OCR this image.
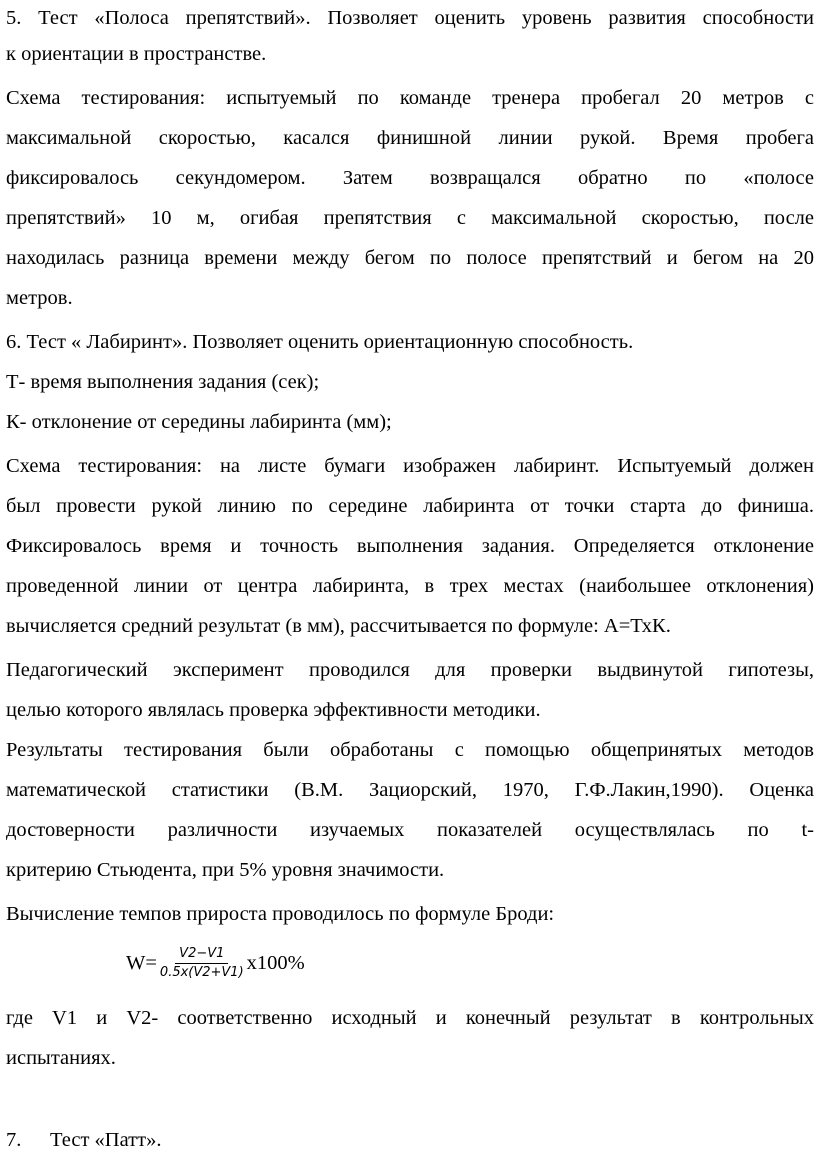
5. Тест «Полоса препятствий». Позволяет оценить уровень развития способности
к ориентации в пространстве.
Схема тестирования: испытуемый по команде тренера пробегал 20 метров с
максимальной скоростью, касался финишной линии рукой. Время пробега
фиксировалось секундомером. Затем возвращался обратно по «полосе
препятствий» 10 м, огибая препятствия с максимальной скоростью, после
находилась разница времени между бегом по полосе препятствий и бегом на 20
метров.
6. Тест « Лабиринт». Позволяет оценить ориентационную способность.
Т- время выполнения задания (сек);
К- отклонение от середины лабиринта (мм);
Схема тестирования: на листе бумаги изображен лабиринт. Испытуемый должен
был провести рукой линию по середине лабиринта от точки старта до финиша.
Фиксировалось время и точность выполнения задания. Определяется отклонение
проведенной линии от центра лабиринта, в трех местах (наибольшее отклонения)
вычисляется средний результат (в мм), рассчитывается по формуле: А=ТхК.
Педагогический эксперимент проводился для проверки выдвинутой гипотезы,
целью которого являлась проверка эффективности методики.
Результаты тестирования были обработаны с помощью общепринятых методов
математической статистики (В.М. Зациорский, 1970, Г.Ф.Лакин,1990). Оценка
достоверности различности изучаемых показателей осуществлялась по t-
критерию Стьюдента, при 5% уровня значимости.
Вычисление темпов прироста проводилось по формуле Броди:
$W= \frac{V2-V1}{0.5x(V2+V1)} x100\%$
где V1 и V2- соответственно исходный и конечный результат в контрольных
испытаниях.
7. Тест «Патт».
